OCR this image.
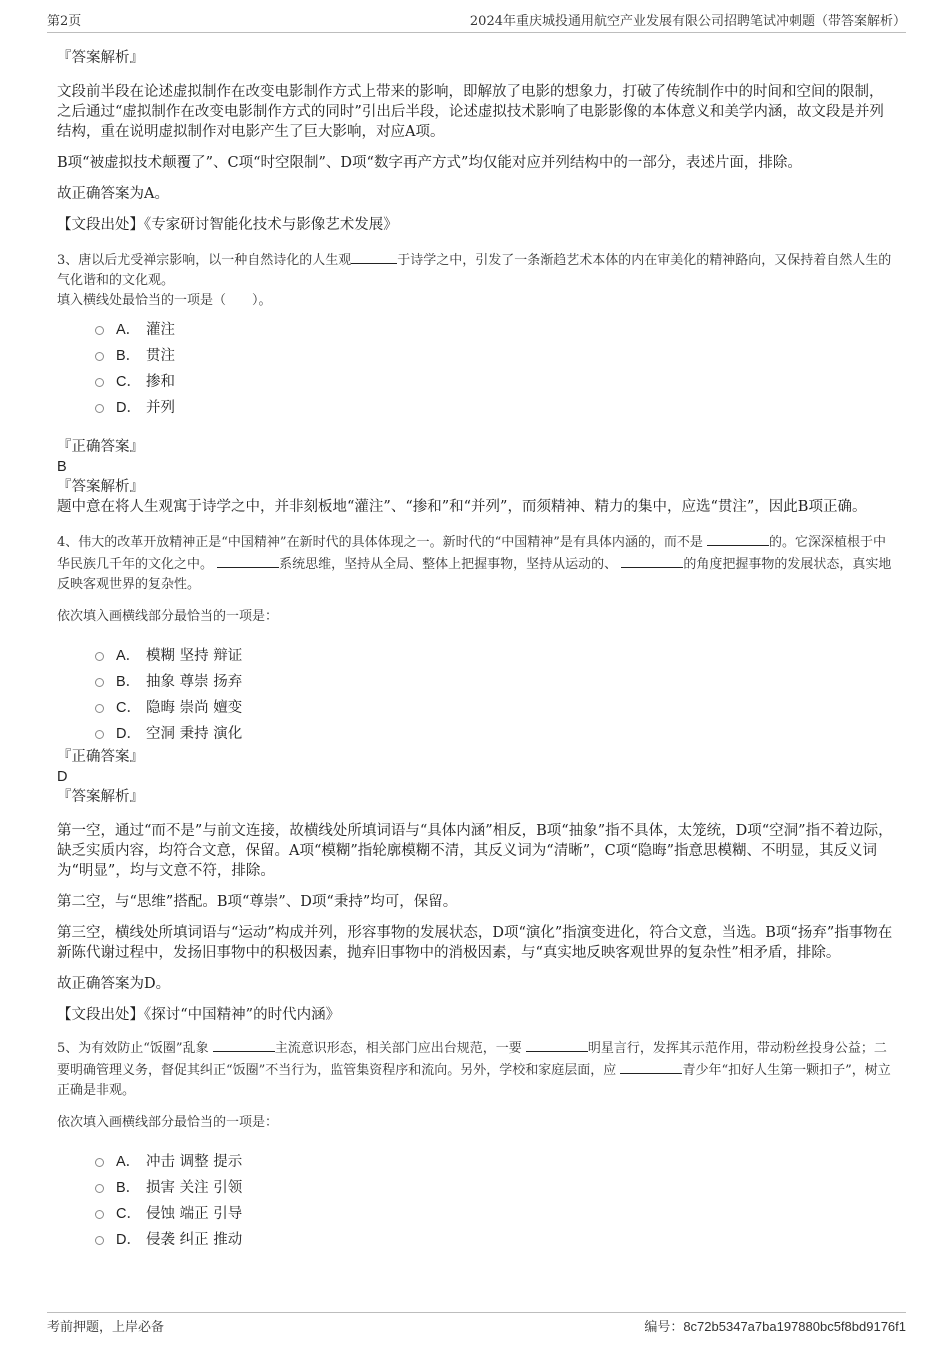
第2页	2024年重庆城投通用航空产业发展有限公司招聘笔试冲刺题（带答案解析）

『答案解析』

文段前半段在论述虚拟制作在改变电影制作方式上带来的影响，即解放了电影的想象力，打破了传统制作中的时间和空间的限制，之后通过“虚拟制作在改变电影制作方式的同时”引出后半段，论述虚拟技术影响了电影影像的本体意义和美学内涵，故文段是并列结构，重在说明虚拟制作对电影产生了巨大影响，对应A项。

B项“被虚拟技术颠覆了”、C项“时空限制”、D项“数字再产方式”均仅能对应并列结构中的一部分，表述片面，排除。

故正确答案为A。

【文段出处】《专家研讨智能化技术与影像艺术发展》

3、唐以后尤受禅宗影响，以一种自然诗化的人生观	于诗学之中，引发了一条渐趋艺术本体的内在审美化的精神路向，又保持着自然人生的气化谐和的文化观。

填入横线处最恰当的一项是（　　）。

A． 灌注
B． 贯注
C． 掺和
D． 并列

『正确答案』

B

『答案解析』

题中意在将人生观寓于诗学之中，并非刻板地“灌注”、“掺和”和“并列”，而须精神、精力的集中，应选“贯注”，因此B项正确。

4、伟大的改革开放精神正是“中国精神”在新时代的具体体现之一。新时代的“中国精神”是有具体内涵的，而不是	的。它深深植根于中华民族几千年的文化之中。	系统思维，坚持从全局、整体上把握事物，坚持从运动的、	的角度把握事物的发展状态，真实地反映客观世界的复杂性。

依次填入画横线部分最恰当的一项是：

A． 模糊 坚持 辩证
B． 抽象 尊崇 扬弃
C． 隐晦 崇尚 嬗变
D． 空洞 秉持 演化

『正确答案』

D

『答案解析』

第一空，通过“而不是”与前文连接，故横线处所填词语与“具体内涵”相反，B项“抽象”指不具体，太笼统，D项“空洞”指不着边际，缺乏实质内容，均符合文意，保留。A项“模糊”指轮廓模糊不清，其反义词为“清晰”，C项“隐晦”指意思模糊、不明显，其反义词为“明显”，均与文意不符，排除。

第二空，与“思维”搭配。B项“尊崇”、D项“秉持”均可，保留。

第三空，横线处所填词语与“运动”构成并列，形容事物的发展状态，D项“演化”指演变进化，符合文意，当选。B项“扬弃”指事物在新陈代谢过程中，发扬旧事物中的积极因素，抛弃旧事物中的消极因素，与“真实地反映客观世界的复杂性”相矛盾，排除。

故正确答案为D。

【文段出处】《探讨“中国精神”的时代内涵》

5、为有效防止“饭圈”乱象	主流意识形态，相关部门应出台规范，一要	明星言行，发挥其示范作用，带动粉丝投身公益；二要明确管理义务，督促其纠正“饭圈”不当行为，监管集资程序和流向。另外，学校和家庭层面，应	青少年“扣好人生第一颗扣子”，树立正确是非观。

依次填入画横线部分最恰当的一项是：

A． 冲击 调整 提示
B． 损害 关注 引领
C． 侵蚀 端正 引导
D． 侵袭 纠正 推动
考前押题，上岸必备	编号：8c72b5347a7ba197880bc5f8bd9176f1
